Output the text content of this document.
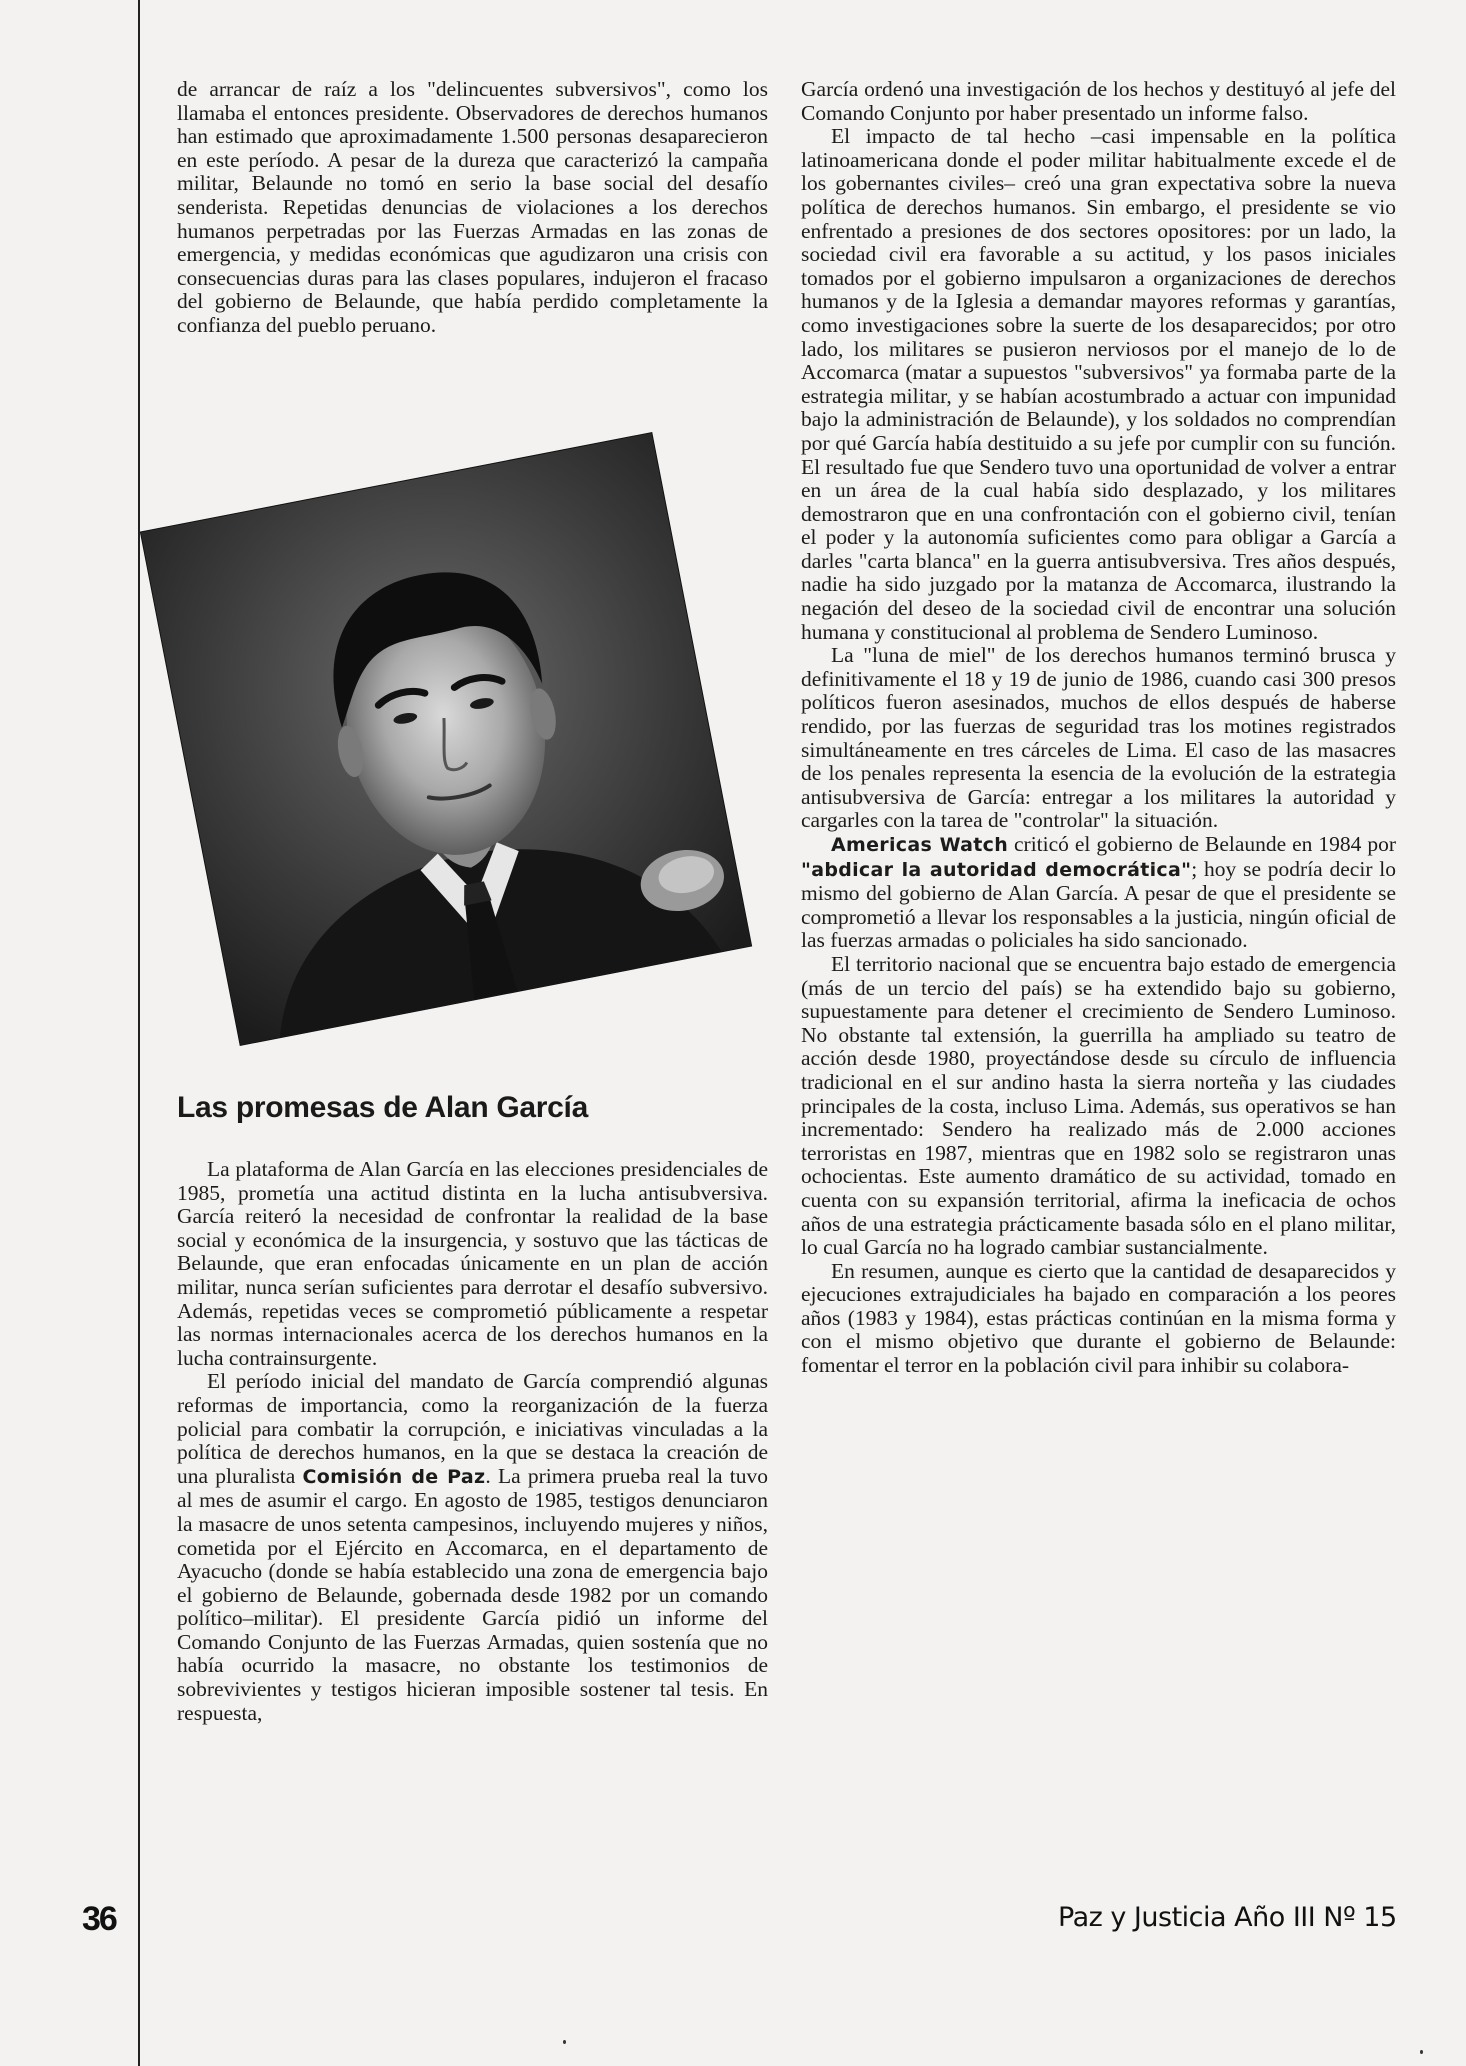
de arrancar de raíz a los "delincuentes subversivos", como los llamaba el entonces presidente. Observadores de derechos humanos han estimado que aproximadamente 1.500 personas desaparecieron en este período. A pesar de la dureza que caracterizó la campaña militar, Belaunde no tomó en serio la base social del desafío senderista. Repetidas denuncias de violaciones a los derechos humanos perpetradas por las Fuerzas Armadas en las zonas de emergencia, y medidas económicas que agudizaron una crisis con consecuencias duras para las clases populares, indujeron el fracaso del gobierno de Belaunde, que había perdido completamente la confianza del pueblo peruano.

Las promesas de Alan García

La plataforma de Alan García en las elecciones presidenciales de 1985, prometía una actitud distinta en la lucha antisubversiva. García reiteró la necesidad de confrontar la realidad de la base social y económica de la insurgencia, y sostuvo que las tácticas de Belaunde, que eran enfocadas únicamente en un plan de acción militar, nunca serían suficientes para derrotar el desafío subversivo. Además, repetidas veces se comprometió públicamente a respetar las normas internacionales acerca de los derechos humanos en la lucha contrainsurgente.

El período inicial del mandato de García comprendió algunas reformas de importancia, como la reorganización de la fuerza policial para combatir la corrupción, e iniciativas vinculadas a la política de derechos humanos, en la que se destaca la creación de una pluralista Comisión de Paz. La primera prueba real la tuvo al mes de asumir el cargo. En agosto de 1985, testigos denunciaron la masacre de unos setenta campesinos, incluyendo mujeres y niños, cometida por el Ejército en Accomarca, en el departamento de Ayacucho (donde se había establecido una zona de emergencia bajo el gobierno de Belaunde, gobernada desde 1982 por un comando político–militar). El presidente García pidió un informe del Comando Conjunto de las Fuerzas Armadas, quien sostenía que no había ocurrido la masacre, no obstante los testimonios de sobrevivientes y testigos hicieran imposible sostener tal tesis. En respuesta,

García ordenó una investigación de los hechos y destituyó al jefe del Comando Conjunto por haber presentado un informe falso.

El impacto de tal hecho –casi impensable en la política latinoamericana donde el poder militar habitualmente excede el de los gobernantes civiles– creó una gran expectativa sobre la nueva política de derechos humanos. Sin embargo, el presidente se vio enfrentado a presiones de dos sectores opositores: por un lado, la sociedad civil era favorable a su actitud, y los pasos iniciales tomados por el gobierno impulsaron a organizaciones de derechos humanos y de la Iglesia a demandar mayores reformas y garantías, como investigaciones sobre la suerte de los desaparecidos; por otro lado, los militares se pusieron nerviosos por el manejo de lo de Accomarca (matar a supuestos "subversivos" ya formaba parte de la estrategia militar, y se habían acostumbrado a actuar con impunidad bajo la administración de Belaunde), y los soldados no comprendían por qué García había destituido a su jefe por cumplir con su función. El resultado fue que Sendero tuvo una oportunidad de volver a entrar en un área de la cual había sido desplazado, y los militares demostraron que en una confrontación con el gobierno civil, tenían el poder y la autonomía suficientes como para obligar a García a darles "carta blanca" en la guerra antisubversiva. Tres años después, nadie ha sido juzgado por la matanza de Accomarca, ilustrando la negación del deseo de la sociedad civil de encontrar una solución humana y constitucional al problema de Sendero Luminoso.

La "luna de miel" de los derechos humanos terminó brusca y definitivamente el 18 y 19 de junio de 1986, cuando casi 300 presos políticos fueron asesinados, muchos de ellos después de haberse rendido, por las fuerzas de seguridad tras los motines registrados simultáneamente en tres cárceles de Lima. El caso de las masacres de los penales representa la esencia de la evolución de la estrategia antisubversiva de García: entregar a los militares la autoridad y cargarles con la tarea de "controlar" la situación.

Americas Watch criticó el gobierno de Belaunde en 1984 por "abdicar la autoridad democrática"; hoy se podría decir lo mismo del gobierno de Alan García. A pesar de que el presidente se comprometió a llevar los responsables a la justicia, ningún oficial de las fuerzas armadas o policiales ha sido sancionado.

El territorio nacional que se encuentra bajo estado de emergencia (más de un tercio del país) se ha extendido bajo su gobierno, supuestamente para detener el crecimiento de Sendero Luminoso. No obstante tal extensión, la guerrilla ha ampliado su teatro de acción desde 1980, proyectándose desde su círculo de influencia tradicional en el sur andino hasta la sierra norteña y las ciudades principales de la costa, incluso Lima. Además, sus operativos se han incrementado: Sendero ha realizado más de 2.000 acciones terroristas en 1987, mientras que en 1982 solo se registraron unas ochocientas. Este aumento dramático de su actividad, tomado en cuenta con su expansión territorial, afirma la ineficacia de ochos años de una estrategia prácticamente basada sólo en el plano militar, lo cual García no ha logrado cambiar sustancialmente.

En resumen, aunque es cierto que la cantidad de desaparecidos y ejecuciones extrajudiciales ha bajado en comparación a los peores años (1983 y 1984), estas prácticas continúan en la misma forma y con el mismo objetivo que durante el gobierno de Belaunde: fomentar el terror en la población civil para inhibir su colabora-

36	Paz y Justicia Año III Nº 15
